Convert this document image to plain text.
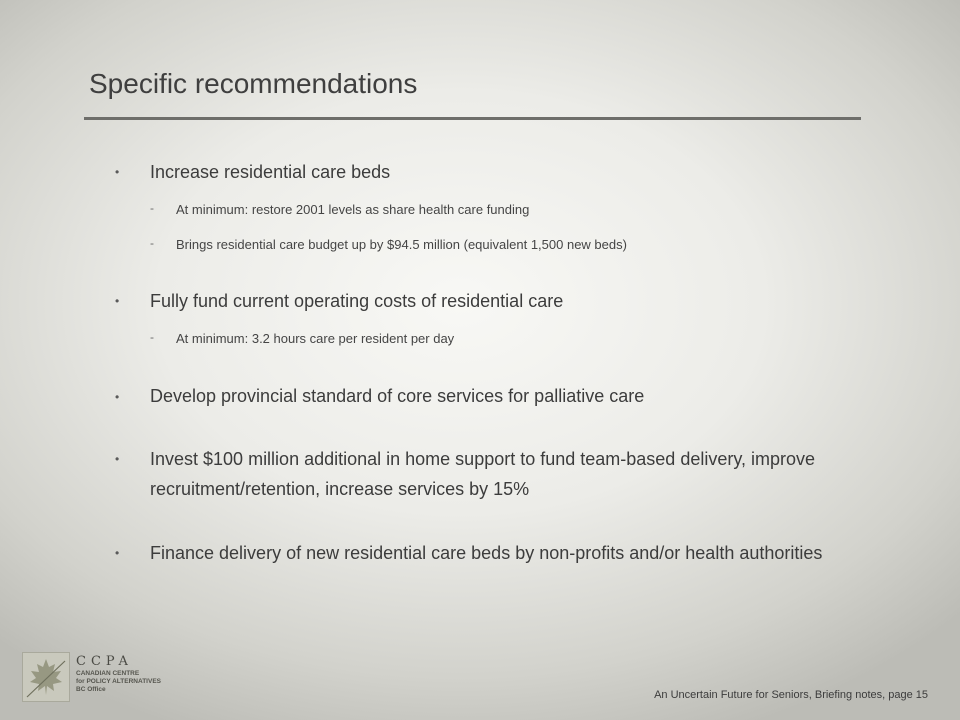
Specific recommendations
• Increase residential care beds
- At minimum: restore 2001 levels as share health care funding
- Brings residential care budget up by $94.5 million (equivalent 1,500 new beds)
• Fully fund current operating costs of residential care
- At minimum: 3.2 hours care per resident per day
• Develop provincial standard of core services for palliative care
• Invest $100 million additional in home support to fund team-based delivery, improve recruitment/retention, increase services by 15%
• Finance delivery of new residential care beds by non-profits and/or health authorities
CCPA
CANADIAN CENTRE
for POLICY ALTERNATIVES
BC Office	An Uncertain Future for Seniors, Briefing notes, page 15
